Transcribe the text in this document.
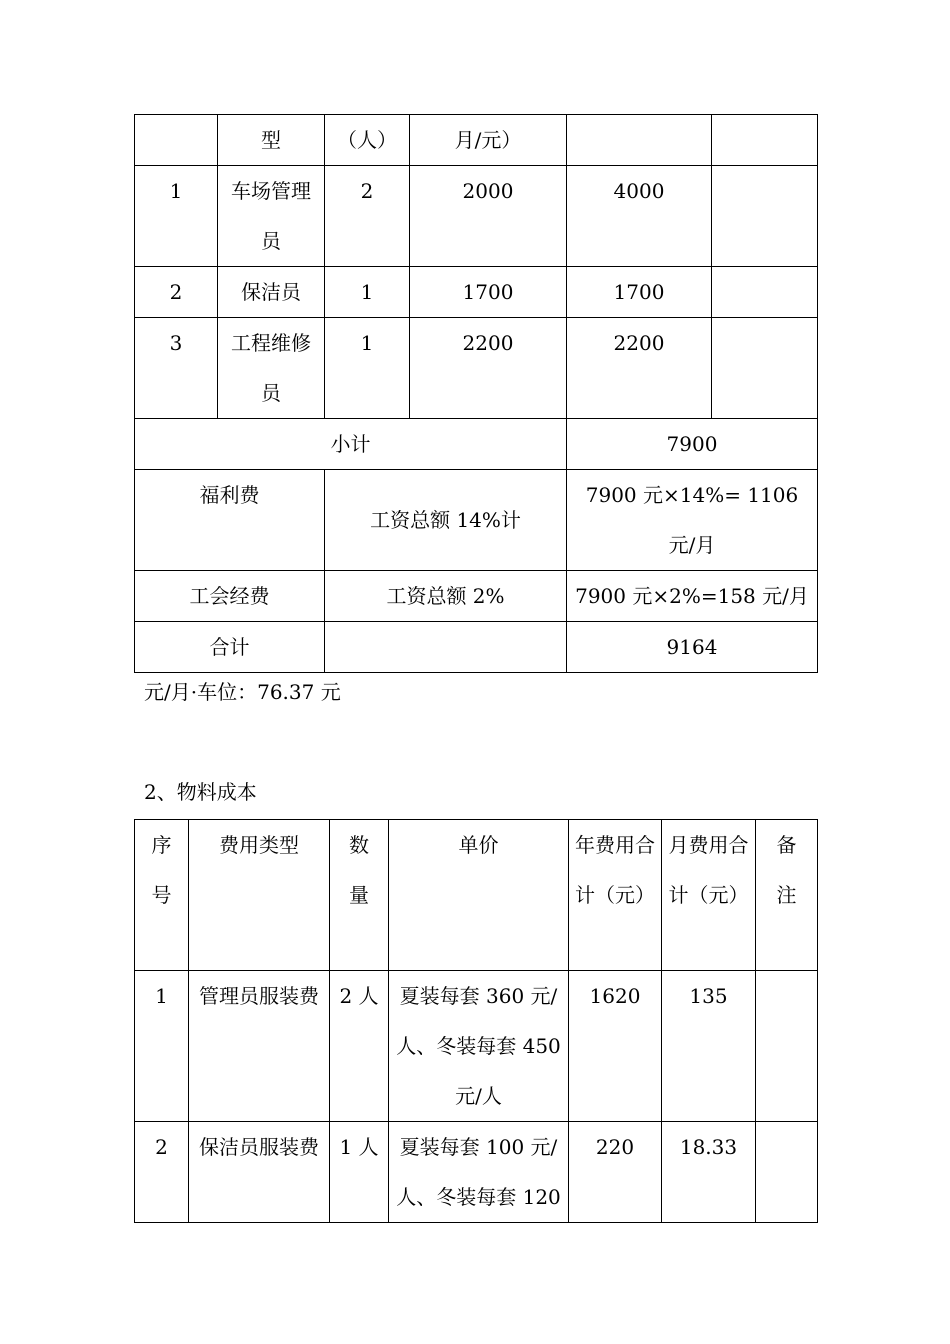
	型	（人）	月/元）		
1	车场管理员	2	2000	4000	
2	保洁员	1	1700	1700	
3	工程维修员	1	2200	2200	
小计				7900	
福利费		工资总额 14%计		7900 元×14%= 1106 元/月	
工会经费		工资总额 2%		7900 元×2%=158 元/月	
合计				9164	
元/月·车位：76.37 元
2、物料成本
序号	费用类型	数量	单价	年费用合计（元）	月费用合计（元）	备注
1	管理员服装费	2 人	夏装每套 360 元/人、冬装每套 450 元/人	1620	135	
2	保洁员服装费	1 人	夏装每套 100 元/人、冬装每套 120	220	18.33	
